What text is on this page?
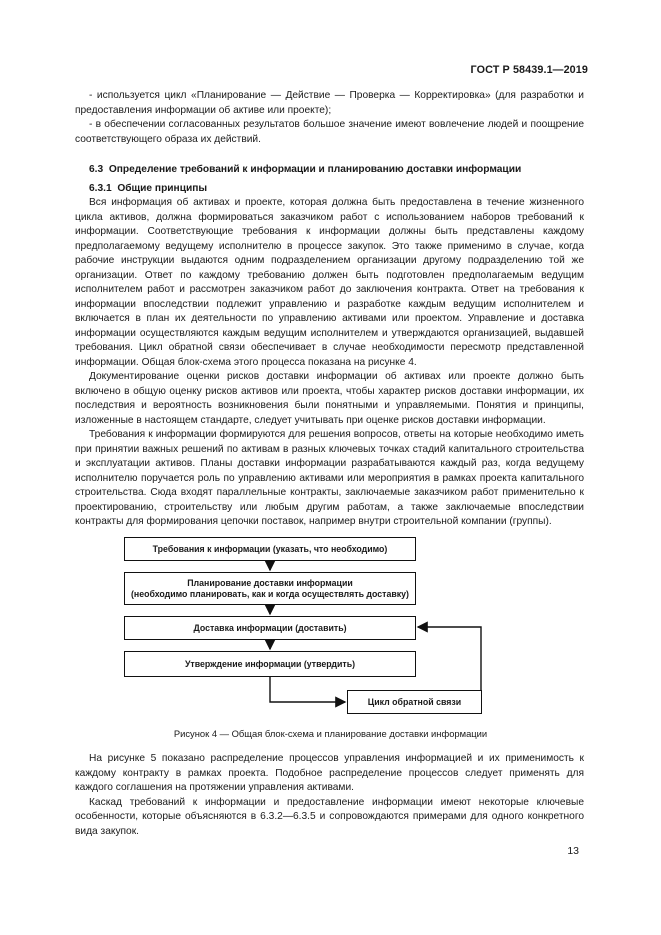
ГОСТ Р 58439.1—2019

- используется цикл «Планирование — Действие — Проверка — Корректировка» (для разработки и предоставления информации об активе или проекте);

- в обеспечении согласованных результатов большое значение имеют вовлечение людей и поощрение соответствующего образа их действий.

6.3 Определение требований к информации и планированию доставки информации

6.3.1 Общие принципы

Вся информация об активах и проекте, которая должна быть предоставлена в течение жизненного цикла активов, должна формироваться заказчиком работ с использованием наборов требований к информации. Соответствующие требования к информации должны быть представлены каждому предполагаемому ведущему исполнителю в процессе закупок. Это также применимо в случае, когда рабочие инструкции выдаются одним подразделением организации другому подразделению той же организации. Ответ по каждому требованию должен быть подготовлен предполагаемым ведущим исполнителем работ и рассмотрен заказчиком работ до заключения контракта. Ответ на требования к информации впоследствии подлежит управлению и разработке каждым ведущим исполнителем и включается в план их деятельности по управлению активами или проектом. Управление и доставка информации осуществляются каждым ведущим исполнителем и утверждаются организацией, выдавшей требования. Цикл обратной связи обеспечивает в случае необходимости пересмотр представленной информации. Общая блок-схема этого процесса показана на рисунке 4.

Документирование оценки рисков доставки информации об активах или проекте должно быть включено в общую оценку рисков активов или проекта, чтобы характер рисков доставки информации, их последствия и вероятность возникновения были понятными и управляемыми. Понятия и принципы, изложенные в настоящем стандарте, следует учитывать при оценке рисков доставки информации.

Требования к информации формируются для решения вопросов, ответы на которые необходимо иметь при принятии важных решений по активам в разных ключевых точках стадий капитального строительства и эксплуатации активов. Планы доставки информации разрабатываются каждый раз, когда ведущему исполнителю поручается роль по управлению активами или мероприятия в рамках проекта капитального строительства. Сюда входят параллельные контракты, заключаемые заказчиком работ применительно к проектированию, строительству или любым другим работам, а также заключаемые впоследствии контракты для формирования цепочки поставок, например внутри строительной компании (группы).

Требования к информации (указать, что необходимо)
Планирование доставки информации
(необходимо планировать, как и когда осуществлять доставку)
Доставка информации (доставить)
Утверждение информации (утвердить)
Цикл обратной связи
Рисунок 4 — Общая блок-схема и планирование доставки информации

На рисунке 5 показано распределение процессов управления информацией и их применимость к каждому контракту в рамках проекта. Подобное распределение процессов следует применять для каждого соглашения на протяжении управления активами.

Каскад требований к информации и предоставление информации имеют некоторые ключевые особенности, которые объясняются в 6.3.2—6.3.5 и сопровождаются примерами для одного конкретного вида закупок.

13
